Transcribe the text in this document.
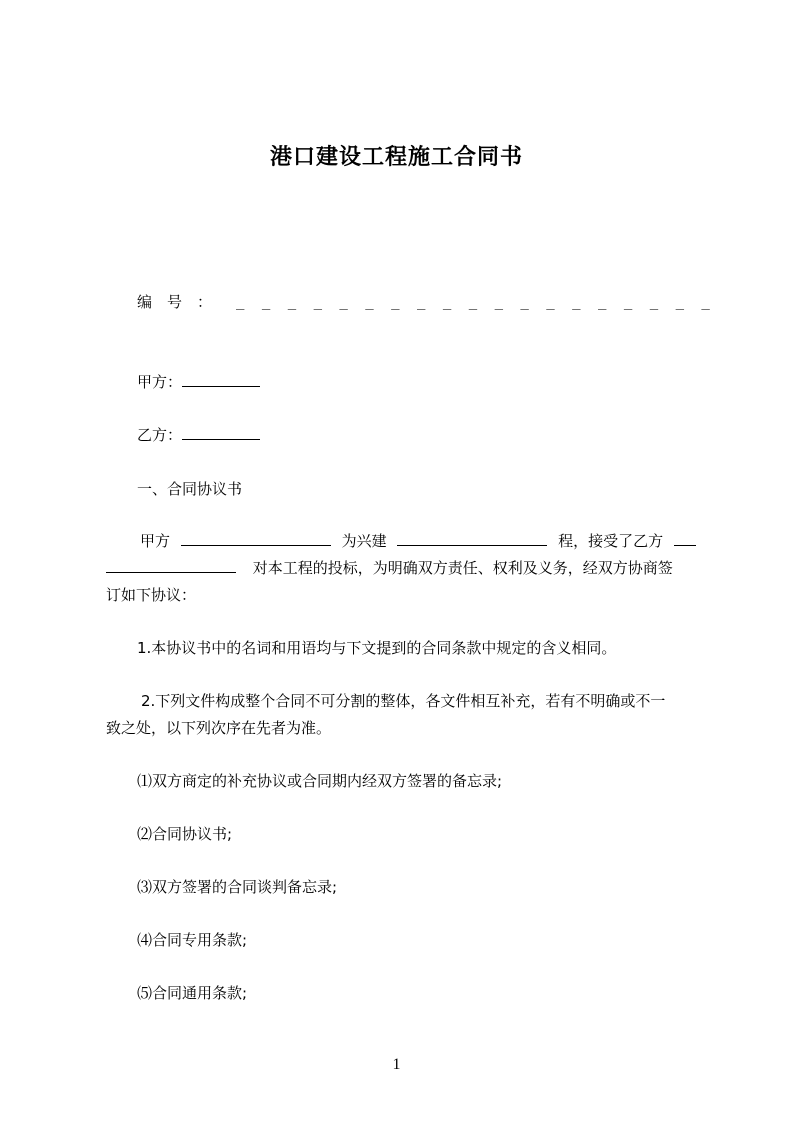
港口建设工程施工合同书
编　号　： _ _ _ _ _ _ _ _ _ _ _ _ _ _ _ _ _ _ _
甲方：
乙方：
一、合同协议书
甲方	为兴建	程，接受了乙方
对本工程的投标，为明确双方责任、权利及义务，经双方协商签
订如下协议：
1.本协议书中的名词和用语均与下文提到的合同条款中规定的含义相同。
2.下列文件构成整个合同不可分割的整体，各文件相互补充，若有不明确或不一
致之处，以下列次序在先者为准。
⑴双方商定的补充协议或合同期内经双方签署的备忘录;
⑵合同协议书;
⑶双方签署的合同谈判备忘录;
⑷合同专用条款;
⑸合同通用条款;
1
